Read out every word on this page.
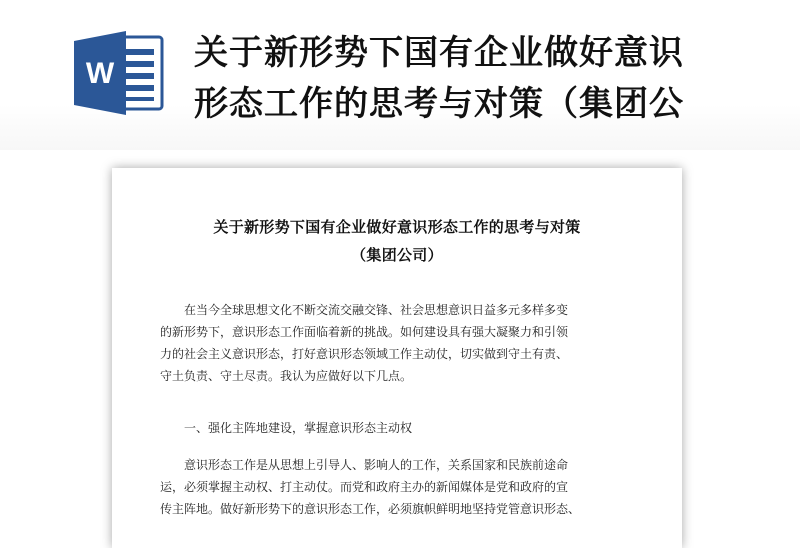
W
关于新形势下国有企业做好意识
形态工作的思考与对策（集团公
关于新形势下国有企业做好意识形态工作的思考与对策
（集团公司）
在当今全球思想文化不断交流交融交锋、社会思想意识日益多元多样多变
的新形势下，意识形态工作面临着新的挑战。如何建设具有强大凝聚力和引领
力的社会主义意识形态，打好意识形态领域工作主动仗，切实做到守土有责、
守土负责、守土尽责。我认为应做好以下几点。
一、强化主阵地建设，掌握意识形态主动权
意识形态工作是从思想上引导人、影响人的工作，关系国家和民族前途命
运，必须掌握主动权、打主动仗。而党和政府主办的新闻媒体是党和政府的宣
传主阵地。做好新形势下的意识形态工作，必须旗帜鲜明地坚持党管意识形态、
